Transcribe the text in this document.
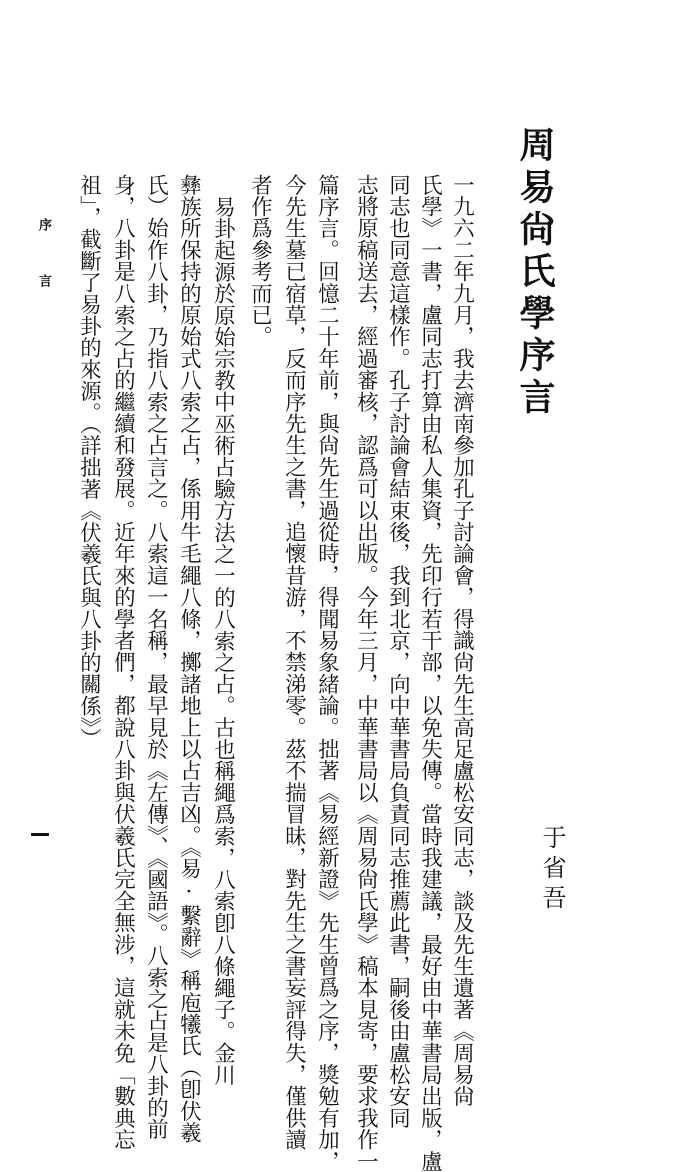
周易尙氏學序言
于省吾

一九六二年九月，我去濟南參加孔子討論會，得識尙先生高足盧松安同志，談及先生遺著《周易尙

氏學》一書，盧同志打算由私人集資，先印行若干部，以免失傳。當時我建議，最好由中華書局出版，盧

同志也同意這樣作。孔子討論會結束後，我到北京，向中華書局負責同志推薦此書，嗣後由盧松安同

志將原稿送去，經過審核，認爲可以出版。今年三月，中華書局以《周易尙氏學》稿本見寄，要求我作一

篇序言。回憶二十年前，與尙先生過從時，得聞易象緒論。拙著《易經新證》先生曾爲之序，獎勉有加，

今先生墓已宿草，反而序先生之書，追懷昔游，不禁涕零。茲不揣冒昧，對先生之書妄評得失，僅供讀

者作爲參考而已。

易卦起源於原始宗教中巫術占驗方法之一的八索之占。古也稱繩爲索，八索卽八條繩子。金川

彝族所保持的原始式八索之占，係用牛毛繩八條，擲諸地上以占吉凶。《易·繫辭》稱庖犧氏（卽伏羲

氏）始作八卦，乃指八索之占言之。八索這一名稱，最早見於《左傳》、《國語》。八索之占是八卦的前

身，八卦是八索之占的繼續和發展。近年來的學者們，都說八卦與伏羲氏完全無涉，這就未免「數典忘

祖」，截斷了易卦的來源。（詳拙著《伏羲氏與八卦的關係》）

序 言
